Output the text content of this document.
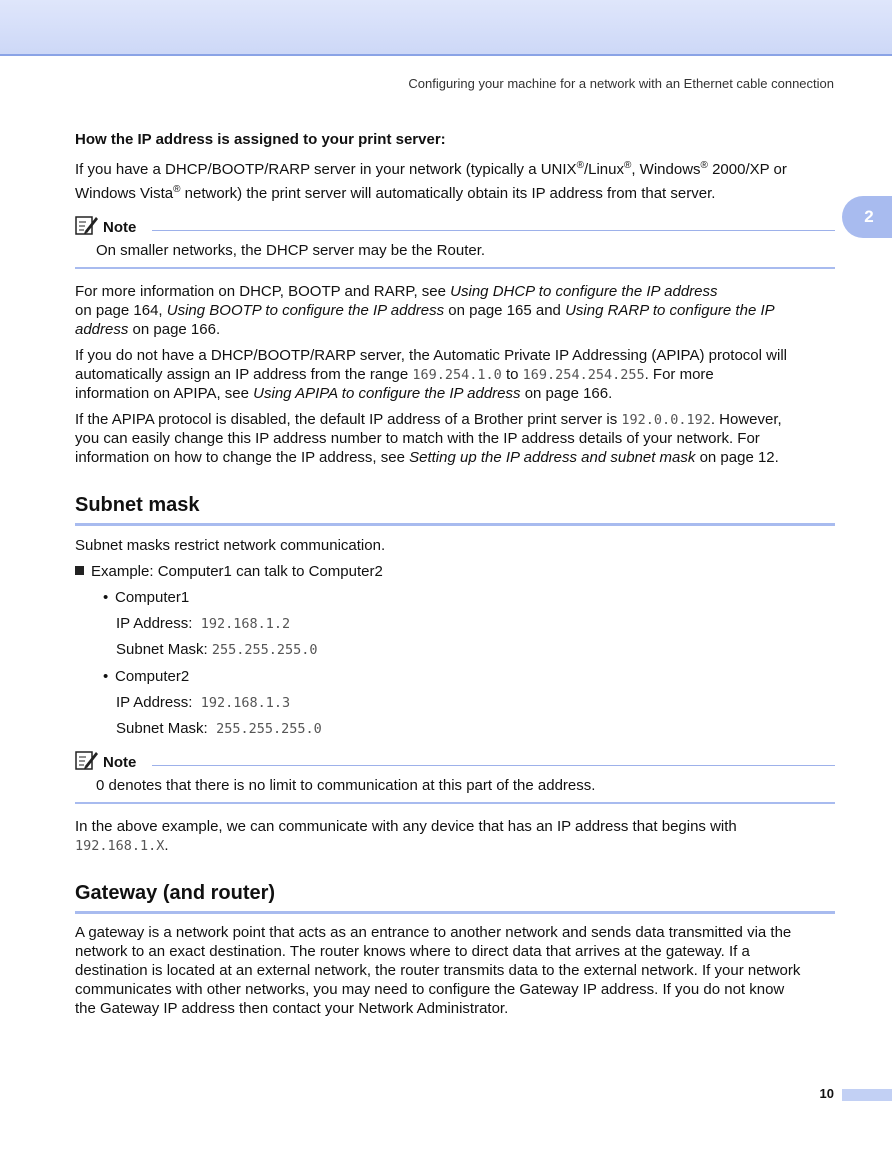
Configuring your machine for a network with an Ethernet cable connection
2

How the IP address is assigned to your print server:

If you have a DHCP/BOOTP/RARP server in your network (typically a UNIX®/Linux®, Windows® 2000/XP or

Windows Vista® network) the print server will automatically obtain its IP address from that server.

Note

On smaller networks, the DHCP server may be the Router.

For more information on DHCP, BOOTP and RARP, see Using DHCP to configure the IP address

on page 164, Using BOOTP to configure the IP address on page 165 and Using RARP to configure the IP

address on page 166.

If you do not have a DHCP/BOOTP/RARP server, the Automatic Private IP Addressing (APIPA) protocol will

automatically assign an IP address from the range 169.254.1.0 to 169.254.254.255. For more

information on APIPA, see Using APIPA to configure the IP address on page 166.

If the APIPA protocol is disabled, the default IP address of a Brother print server is 192.0.0.192. However,

you can easily change this IP address number to match with the IP address details of your network. For

information on how to change the IP address, see Setting up the IP address and subnet mask on page 12.

Subnet mask

Subnet masks restrict network communication.

Example: Computer1 can talk to Computer2

• Computer1

IP Address: 192.168.1.2

Subnet Mask: 255.255.255.0

• Computer2

IP Address: 192.168.1.3

Subnet Mask: 255.255.255.0

Note

0 denotes that there is no limit to communication at this part of the address.

In the above example, we can communicate with any device that has an IP address that begins with

192.168.1.X.

Gateway (and router)

A gateway is a network point that acts as an entrance to another network and sends data transmitted via the

network to an exact destination. The router knows where to direct data that arrives at the gateway. If a

destination is located at an external network, the router transmits data to the external network. If your network

communicates with other networks, you may need to configure the Gateway IP address. If you do not know

the Gateway IP address then contact your Network Administrator.

10
